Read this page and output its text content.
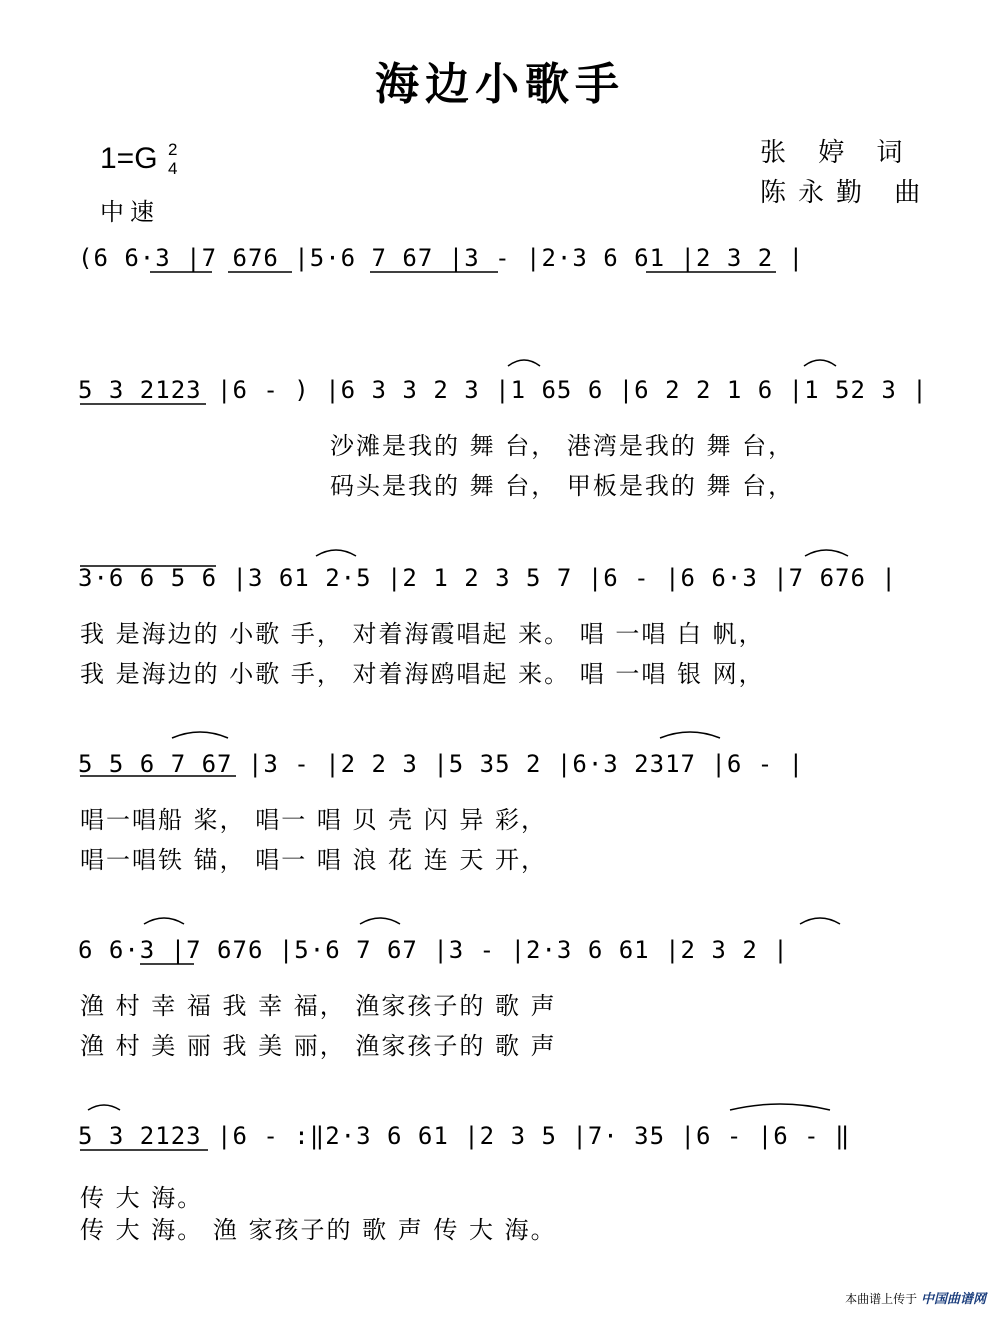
海边小歌手
1=G 2
4
中速
张 婷 词
陈永勤 曲
(6 6·3 |7 676 |5·6 7 67 |3 - |2·3 6 61 |2 3 2 |
5 3 2123 |6 - ) |6 3 3 2 3 |1 65 6 |6 2 2 1 6 |1 52 3 |
沙滩是我的 舞 台， 港湾是我的 舞 台，
码头是我的 舞 台， 甲板是我的 舞 台，
3·6 6 5 6 |3 61 2·5 |2 1 2 3 5 7 |6 - |6 6·3 |7 676 |
我 是海边的 小歌 手， 对着海霞唱起 来。 唱 一唱 白 帆，
我 是海边的 小歌 手， 对着海鸥唱起 来。 唱 一唱 银 网，
5 5 6 7 67 |3 - |2 2 3 |5 35 2 |6·3 2317 |6 - |
唱一唱船 桨， 唱一 唱 贝 壳 闪 异 彩，
唱一唱铁 锚， 唱一 唱 浪 花 连 天 开，
6 6·3 |7 676 |5·6 7 67 |3 - |2·3 6 61 |2 3 2 |
渔 村 幸 福 我 幸 福， 渔家孩子的 歌 声
渔 村 美 丽 我 美 丽， 渔家孩子的 歌 声
5 3 2123 |6 - :‖2·3 6 61 |2 3 5 |7· 35 |6 - |6 - ‖
传 大 海。
传 大 海。 渔 家孩子的 歌 声 传 大 海。
本曲谱上传于 中国曲谱网
